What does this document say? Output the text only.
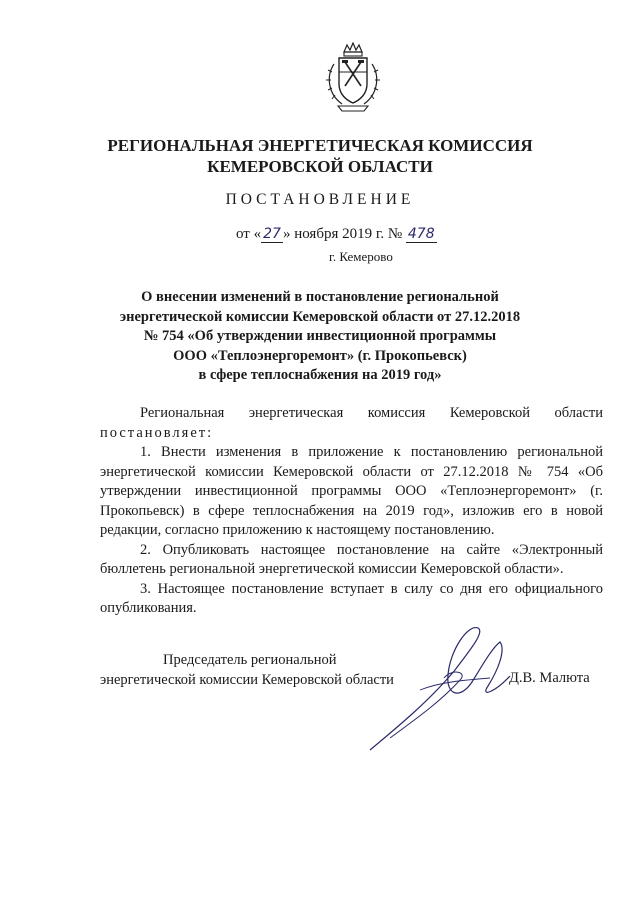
РЕГИОНАЛЬНАЯ ЭНЕРГЕТИЧЕСКАЯ КОМИССИЯ
КЕМЕРОВСКОЙ ОБЛАСТИ
ПОСТАНОВЛЕНИЕ
от « 27 » ноября 2019 г. № 478
г. Кемерово
О внесении изменений в постановление региональной
энергетической комиссии Кемеровской области от 27.12.2018
№ 754 «Об утверждении инвестиционной программы
ООО «Теплоэнергоремонт» (г. Прокопьевск)
в сфере теплоснабжения на 2019 год»

Региональная энергетическая комиссия Кемеровской области

постановляет:

1. Внести изменения в приложение к постановлению региональной энергетической комиссии Кемеровской области от 27.12.2018 № 754 «Об утверждении инвестиционной программы ООО «Теплоэнергоремонт» (г. Прокопьевск) в сфере теплоснабжения на 2019 год», изложив его в новой редакции, согласно приложению к настоящему постановлению.

2. Опубликовать настоящее постановление на сайте «Электронный бюллетень региональной энергетической комиссии Кемеровской области».

3. Настоящее постановление вступает в силу со дня его официального опубликования.

Председатель региональной
энергетической комиссии Кемеровской области	Д.В. Малюта
